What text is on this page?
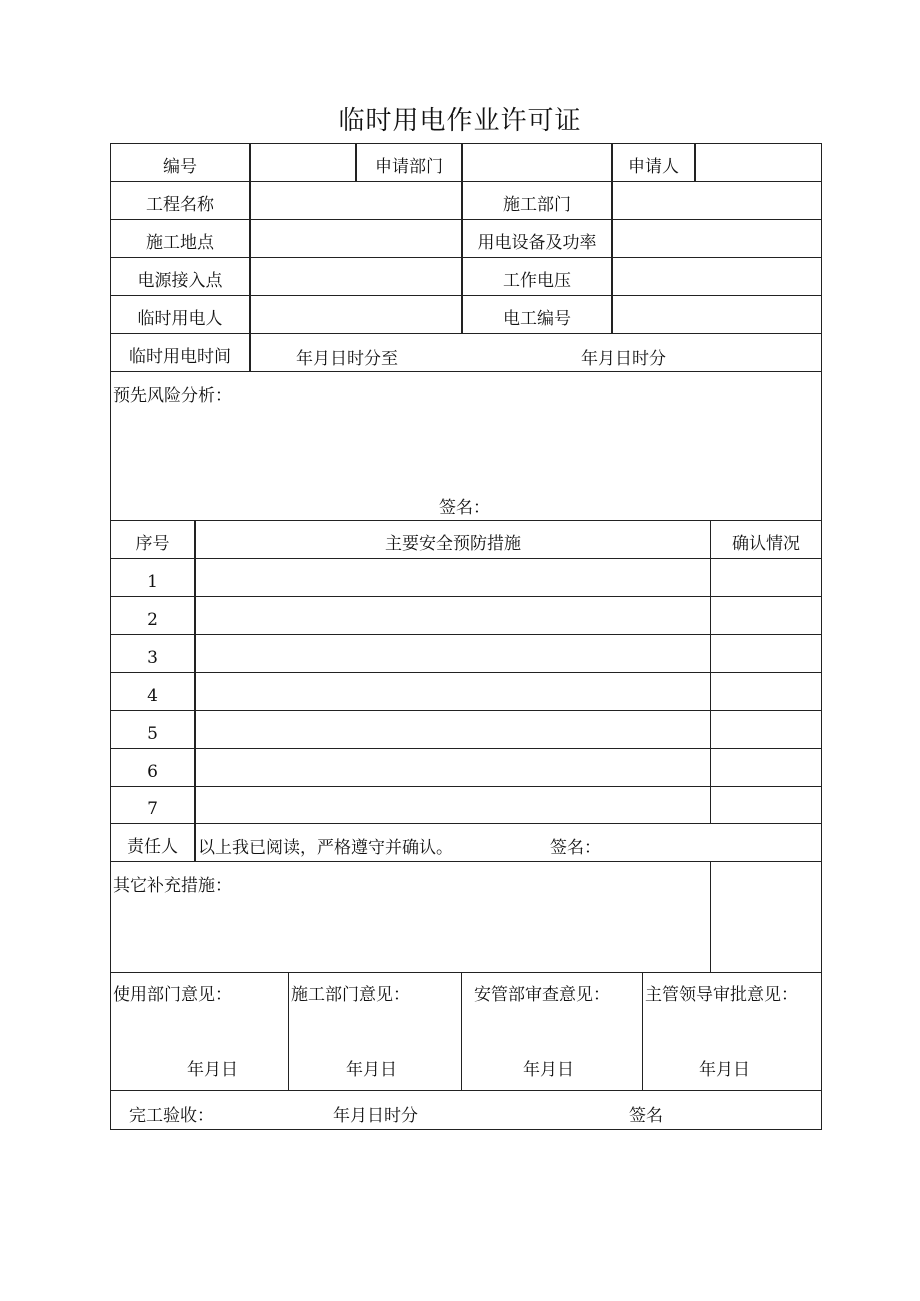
临时用电作业许可证
编号	申请部门	申请人
工程名称	施工部门
施工地点	用电设备及功率
电源接入点	工作电压
临时用电人	电工编号
临时用电时间	年月日时分至	年月日时分
预先风险分析：
签名：
序号	主要安全预防措施	确认情况
1
2
3
4
5
6
7
责任人 以上我已阅读，严格遵守并确认。	签名：
其它补充措施：
使用部门意见：
年月日
施工部门意见：
年月日
安管部审查意见：
年月日
主管领导审批意见：
年月日
完工验收：	年月日时分	签名
